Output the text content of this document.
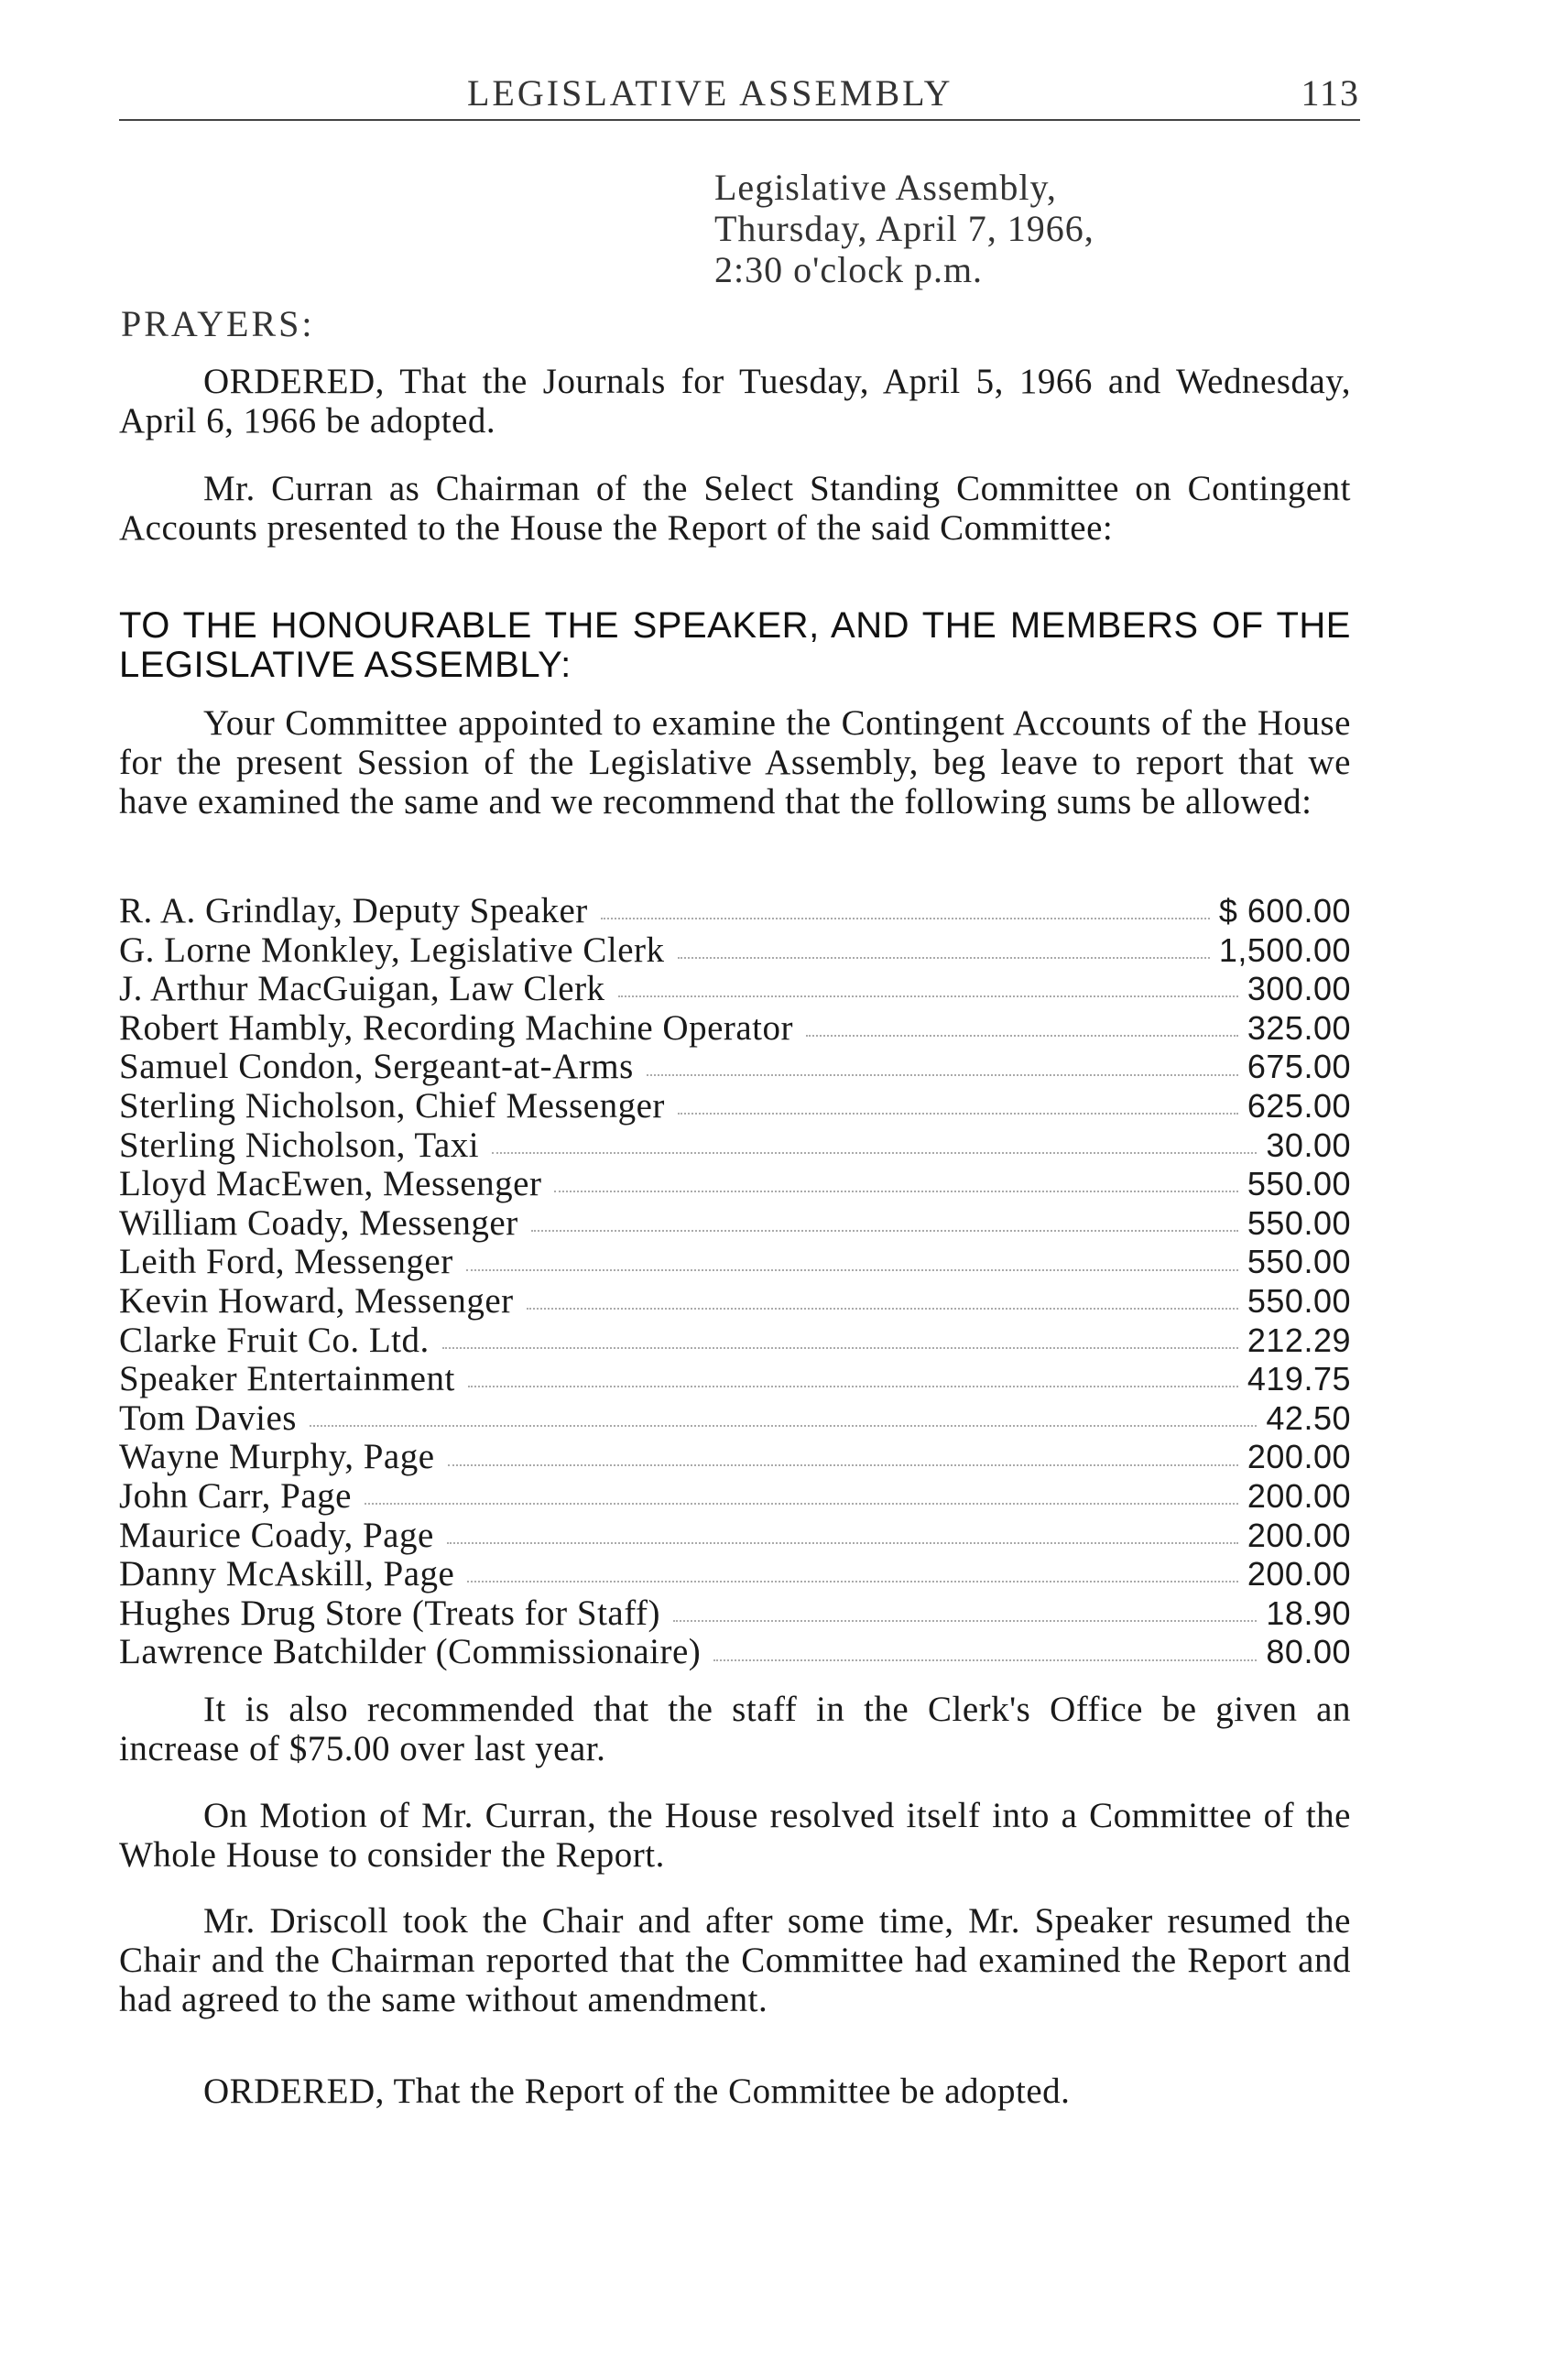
LEGISLATIVE ASSEMBLY	113
Legislative Assembly,
Thursday, April 7, 1966,
2:30 o'clock p.m.
PRAYERS:
ORDERED, That the Journals for Tuesday, April 5, 1966 and Wednesday, April 6, 1966 be adopted.
Mr. Curran as Chairman of the Select Standing Committee on Contingent Accounts presented to the House the Report of the said Committee:
TO THE HONOURABLE THE SPEAKER, AND THE MEMBERS OF THE LEGISLATIVE ASSEMBLY:
Your Committee appointed to examine the Contingent Accounts of the House for the present Session of the Legislative Assembly, beg leave to report that we have examined the same and we recommend that the following sums be allowed:
R. A. Grindlay, Deputy Speaker	$ 600.00
G. Lorne Monkley, Legislative Clerk	1,500.00
J. Arthur MacGuigan, Law Clerk	300.00
Robert Hambly, Recording Machine Operator	325.00
Samuel Condon, Sergeant-at-Arms	675.00
Sterling Nicholson, Chief Messenger	625.00
Sterling Nicholson, Taxi	30.00
Lloyd MacEwen, Messenger	550.00
William Coady, Messenger	550.00
Leith Ford, Messenger	550.00
Kevin Howard, Messenger	550.00
Clarke Fruit Co. Ltd.	212.29
Speaker Entertainment	419.75
Tom Davies	42.50
Wayne Murphy, Page	200.00
John Carr, Page	200.00
Maurice Coady, Page	200.00
Danny McAskill, Page	200.00
Hughes Drug Store (Treats for Staff)	18.90
Lawrence Batchilder (Commissionaire)	80.00
It is also recommended that the staff in the Clerk's Office be given an increase of $75.00 over last year.
On Motion of Mr. Curran, the House resolved itself into a Committee of the Whole House to consider the Report.
Mr. Driscoll took the Chair and after some time, Mr. Speaker resumed the Chair and the Chairman reported that the Committee had examined the Report and had agreed to the same without amendment.
ORDERED, That the Report of the Committee be adopted.
